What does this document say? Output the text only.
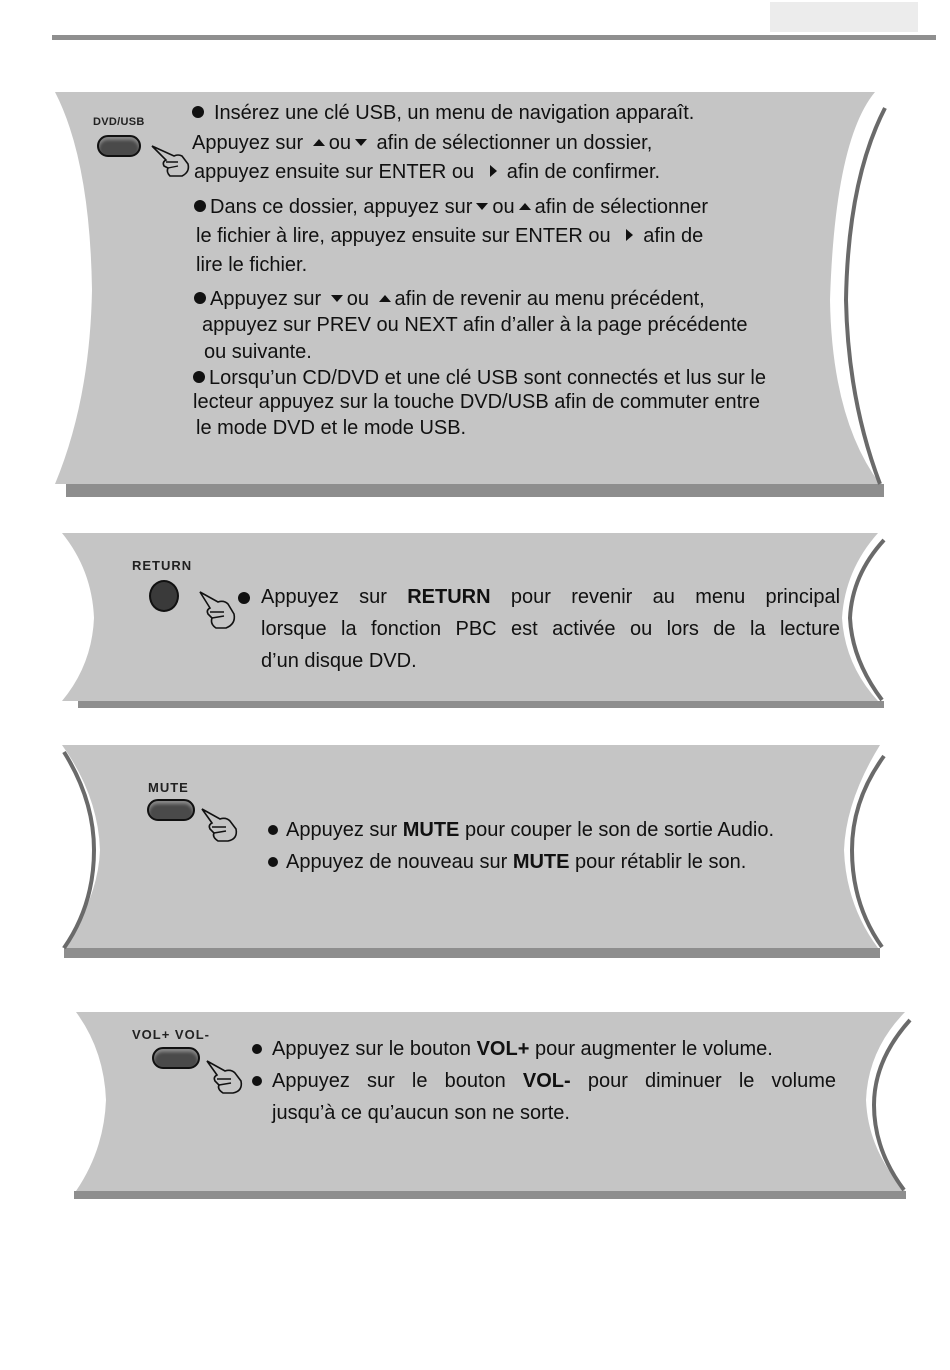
DVD/USB	Insérez une clé USB, un menu de navigation apparaît.
Appuyez sur ou afin de sélectionner un dossier,
appuyez ensuite sur ENTER ou afin de confirmer.
Dans ce dossier, appuyez sur ou afin de sélectionner
le fichier à lire, appuyez ensuite sur ENTER ou afin de
lire le fichier.
Appuyez sur ou afin de revenir au menu précédent,
appuyez sur PREV ou NEXT afin d’aller à la page précédente
ou suivante.
Lorsqu’un CD/DVD et une clé USB sont connectés et lus sur le
lecteur appuyez sur la touche DVD/USB afin de commuter entre
le mode DVD et le mode USB.
RETURN
Appuyez sur RETURN pour revenir au menu principal
lorsque la fonction PBC est activée ou lors de la lecture
d’un disque DVD.
MUTE
Appuyez sur MUTE pour couper le son de sortie Audio.
Appuyez de nouveau sur MUTE pour rétablir le son.
VOL+ VOL-
Appuyez sur le bouton VOL+ pour augmenter le volume.
Appuyez sur le bouton VOL- pour diminuer le volume
jusqu’à ce qu’aucun son ne sorte.
